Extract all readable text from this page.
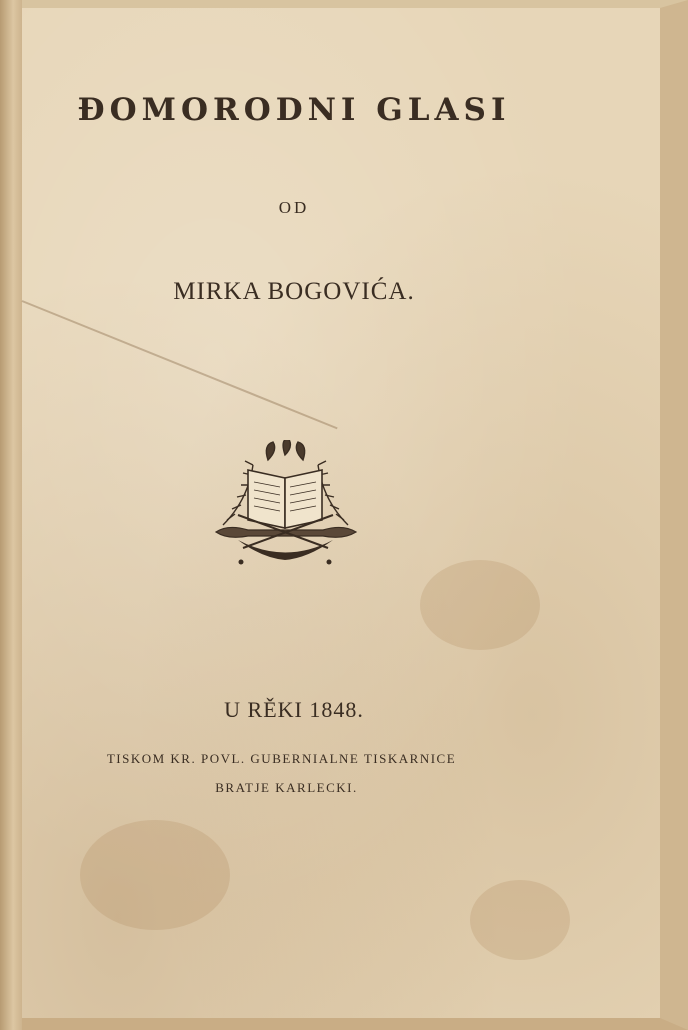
ĐOMORODNI GLASI
OD
MIRKA BOGOVIĆA.
U RĚKI 1848.
TISKOM KR. POVL. GUBERNIALNE TISKARNICE
BRATJE KARLECKI.
